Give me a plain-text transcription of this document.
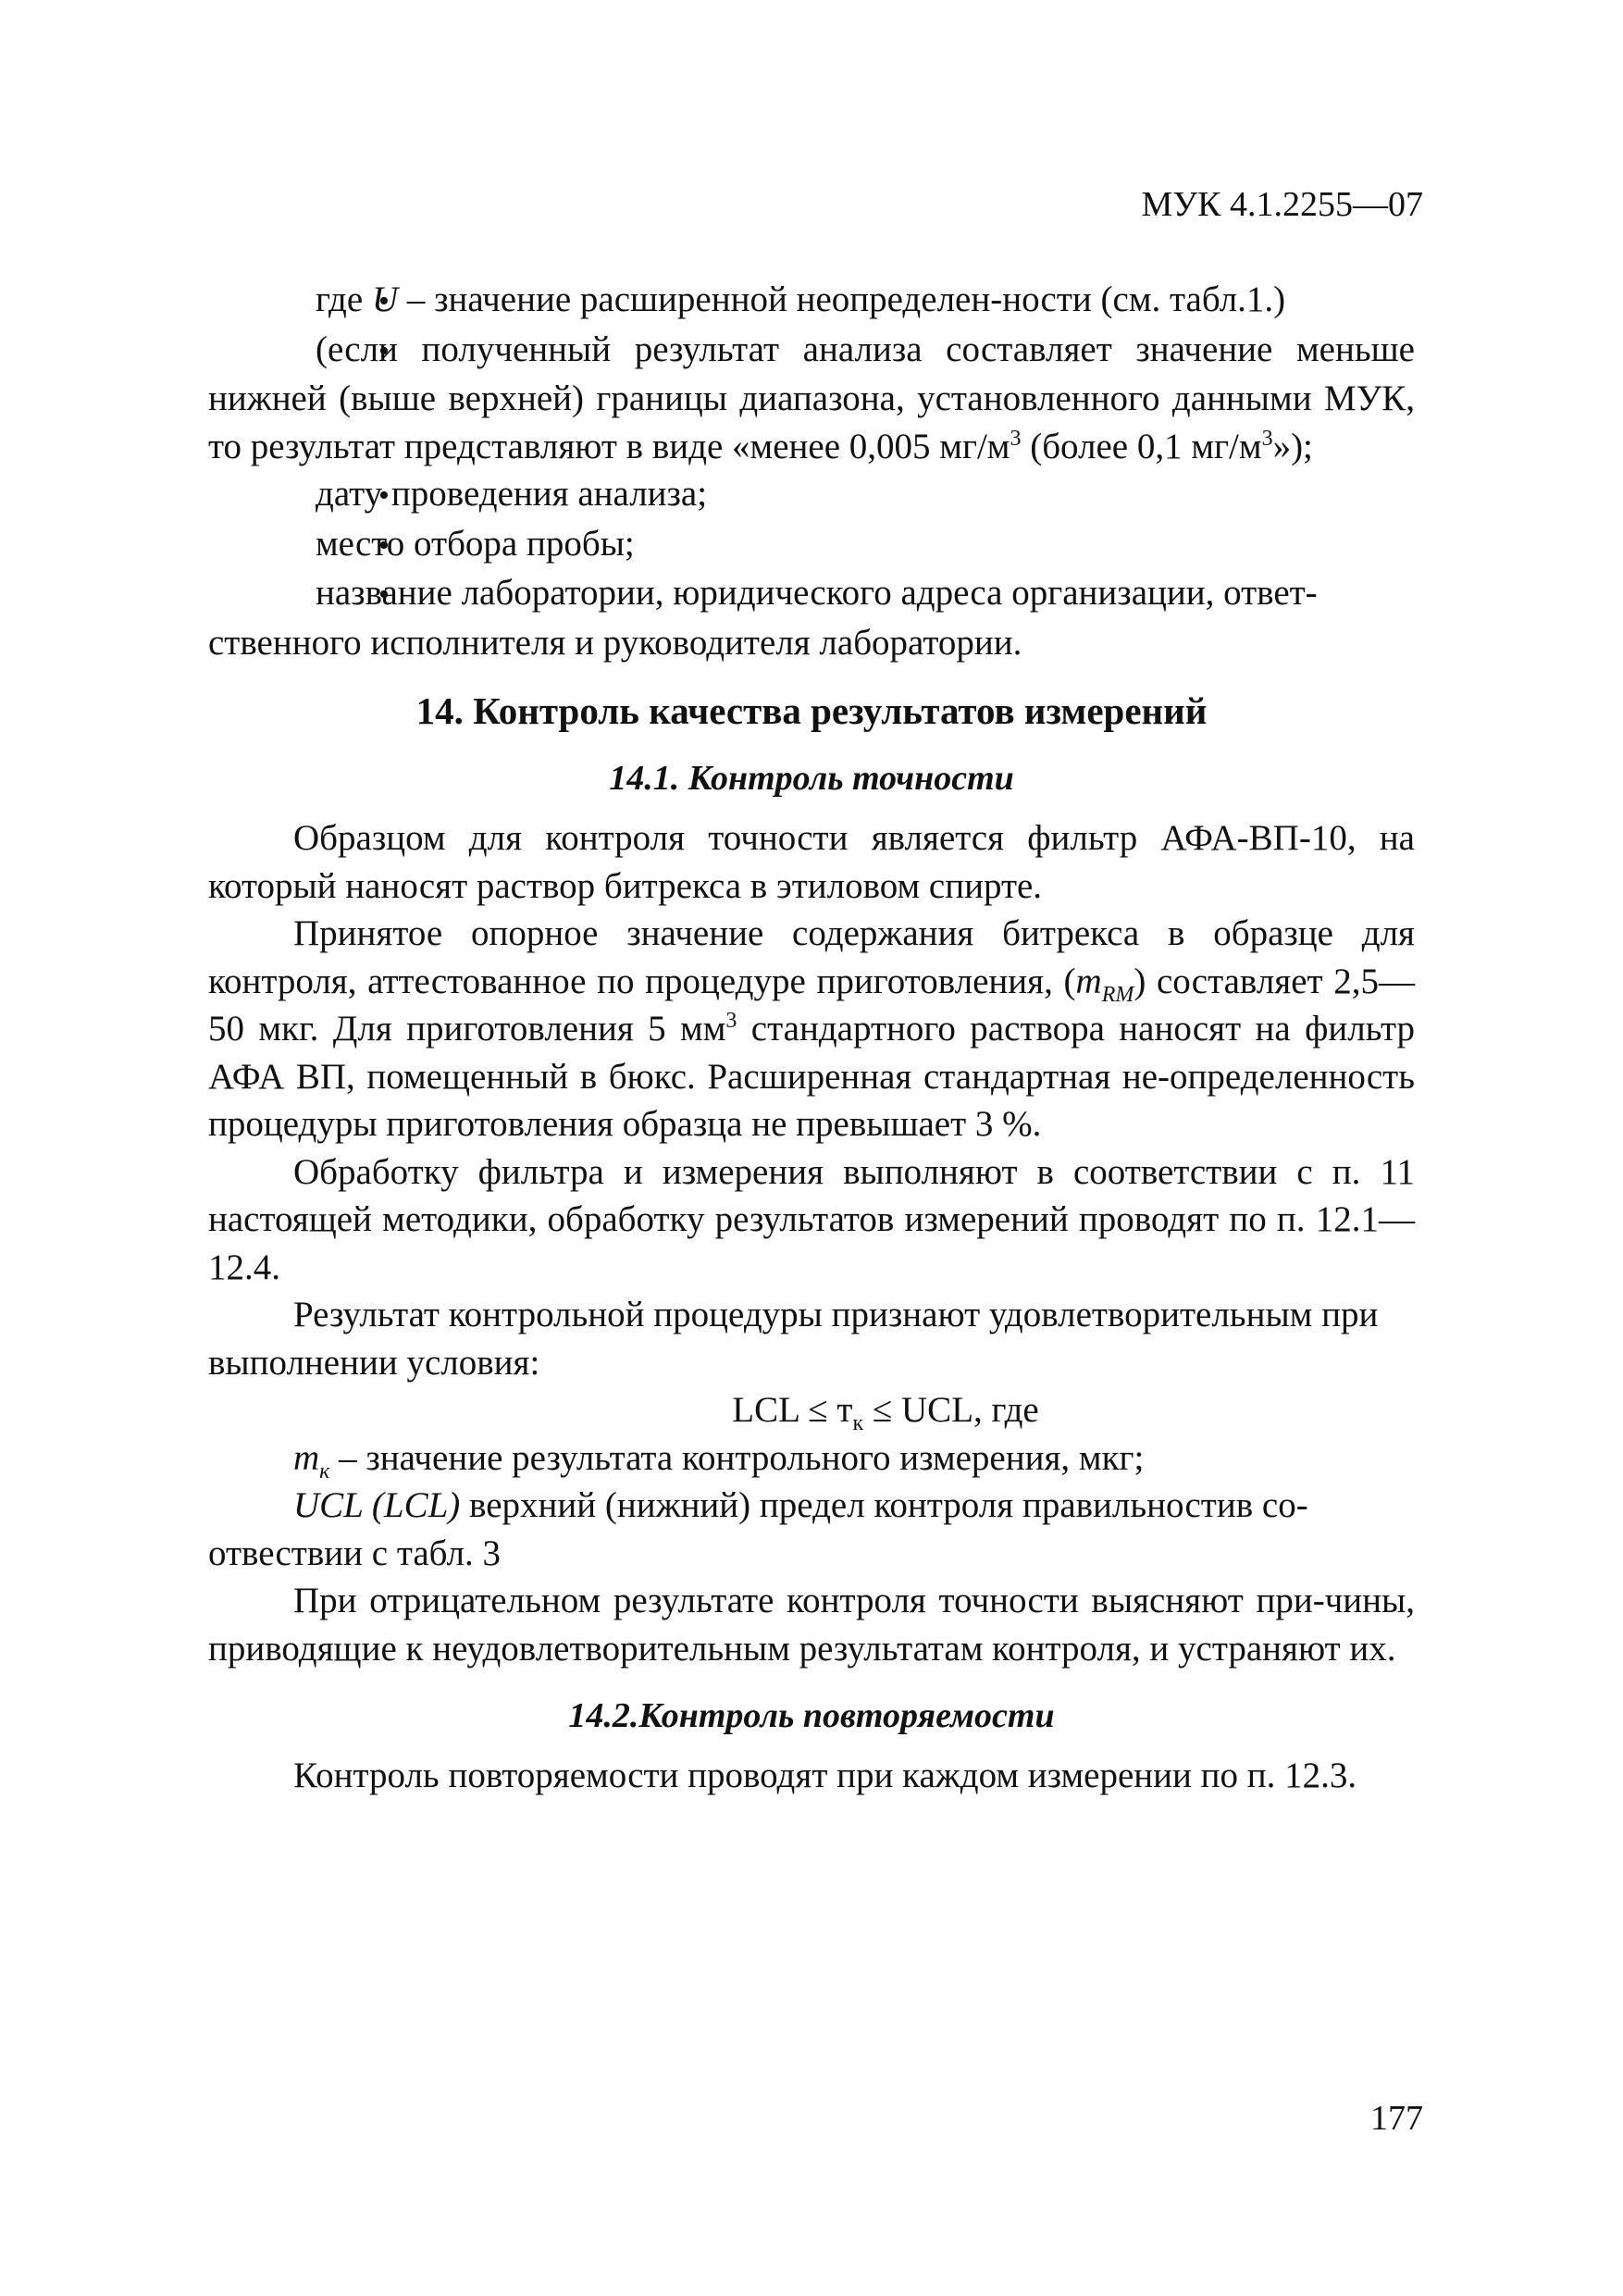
МУК 4.1.2255—07

• где U – значение расширенной неопределен-ности (см. табл.1.)

• (если полученный результат анализа составляет значение меньше нижней (выше верхней) границы диапазона, установленного данными МУК, то результат представляют в виде «менее 0,005 $мг/м^3$ (более 0,1 $мг/м^3$»);

• дату проведения анализа;

• место отбора пробы;

• название лаборатории, юридического адреса организации, ответ-ственного исполнителя и руководителя лаборатории.

14. Контроль качества результатов измерений
14.1. Контроль точности

Образцом для контроля точности является фильтр АФА-ВП-10, на который наносят раствор битрекса в этиловом спирте.

Принятое опорное значение содержания битрекса в образце для контроля, аттестованное по процедуре приготовления, $(m_{RM})$ составляет 2,5—50 мкг. Для приготовления 5 $мм^3$ стандартного раствора наносят на фильтр АФА ВП, помещенный в бюкс. Расширенная стандартная не-определенность процедуры приготовления образца не превышает 3 %.

Обработку фильтра и измерения выполняют в соответствии с п. 11 настоящей методики, обработку результатов измерений проводят по п. 12.1—12.4.

Результат контрольной процедуры признают удовлетворительным при выполнении условия:

LCL ≤ $т_к$ ≤ UCL, где

$m_к$ – значение результата контрольного измерения, мкг;

UCL (LCL) верхний (нижний) предел контроля правильностив со-отвествии с табл. 3

При отрицательном результате контроля точности выясняют при-чины, приводящие к неудовлетворительным результатам контроля, и устраняют их.

14.2.Контроль повторяемости

Контроль повторяемости проводят при каждом измерении по п. 12.3.

177
